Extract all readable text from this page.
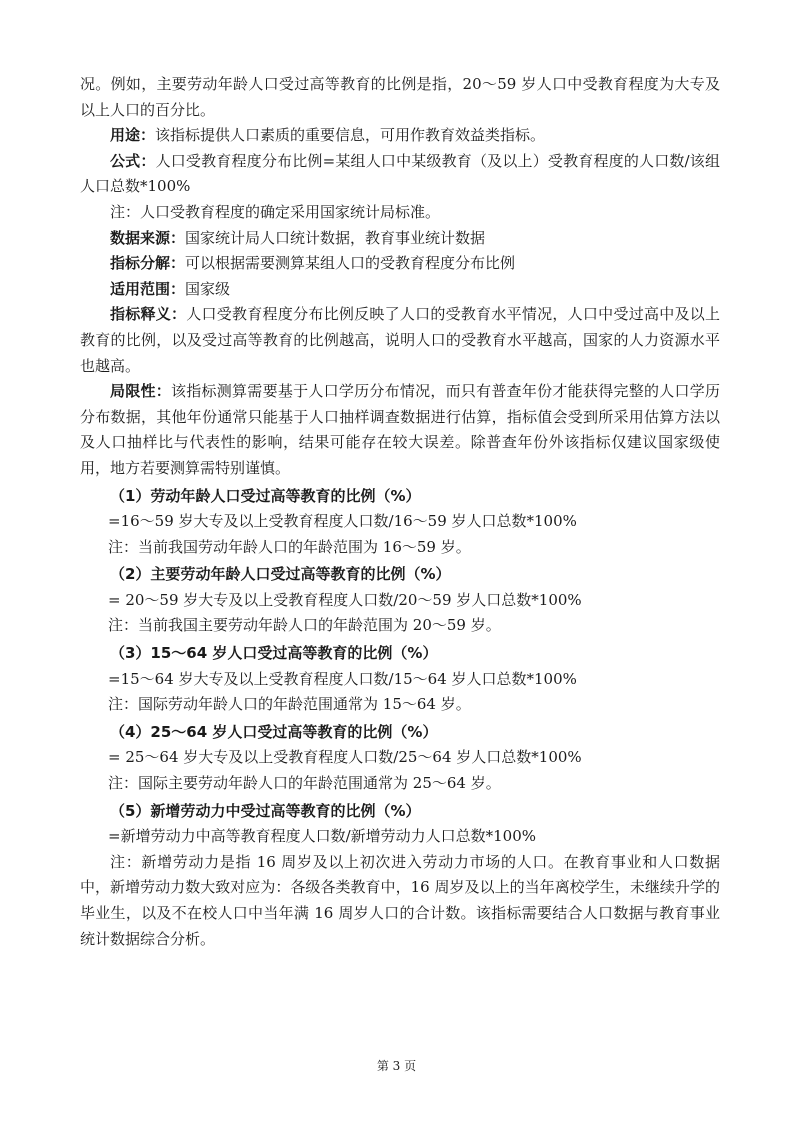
况。例如，主要劳动年龄人口受过高等教育的比例是指，20～59 岁人口中受教育程度为大专及以上人口的百分比。

用途：该指标提供人口素质的重要信息，可用作教育效益类指标。

公式：人口受教育程度分布比例=某组人口中某级教育（及以上）受教育程度的人口数/该组人口总数*100%

注：人口受教育程度的确定采用国家统计局标准。

数据来源：国家统计局人口统计数据，教育事业统计数据

指标分解：可以根据需要测算某组人口的受教育程度分布比例

适用范围：国家级

指标释义：人口受教育程度分布比例反映了人口的受教育水平情况，人口中受过高中及以上教育的比例，以及受过高等教育的比例越高，说明人口的受教育水平越高，国家的人力资源水平也越高。

局限性：该指标测算需要基于人口学历分布情况，而只有普查年份才能获得完整的人口学历分布数据，其他年份通常只能基于人口抽样调查数据进行估算，指标值会受到所采用估算方法以及人口抽样比与代表性的影响，结果可能存在较大误差。除普查年份外该指标仅建议国家级使用，地方若要测算需特别谨慎。

（1）劳动年龄人口受过高等教育的比例（%）

=16～59 岁大专及以上受教育程度人口数/16～59 岁人口总数*100%

注：当前我国劳动年龄人口的年龄范围为 16～59 岁。

（2）主要劳动年龄人口受过高等教育的比例（%）

= 20～59 岁大专及以上受教育程度人口数/20～59 岁人口总数*100%

注：当前我国主要劳动年龄人口的年龄范围为 20～59 岁。

（3）15～64 岁人口受过高等教育的比例（%）

=15～64 岁大专及以上受教育程度人口数/15～64 岁人口总数*100%

注：国际劳动年龄人口的年龄范围通常为 15～64 岁。

（4）25～64 岁人口受过高等教育的比例（%）

= 25～64 岁大专及以上受教育程度人口数/25～64 岁人口总数*100%

注：国际主要劳动年龄人口的年龄范围通常为 25～64 岁。

（5）新增劳动力中受过高等教育的比例（%）

=新增劳动力中高等教育程度人口数/新增劳动力人口总数*100%

注：新增劳动力是指 16 周岁及以上初次进入劳动力市场的人口。在教育事业和人口数据中，新增劳动力数大致对应为：各级各类教育中，16 周岁及以上的当年离校学生，未继续升学的毕业生，以及不在校人口中当年满 16 周岁人口的合计数。该指标需要结合人口数据与教育事业统计数据综合分析。

第 3 页
